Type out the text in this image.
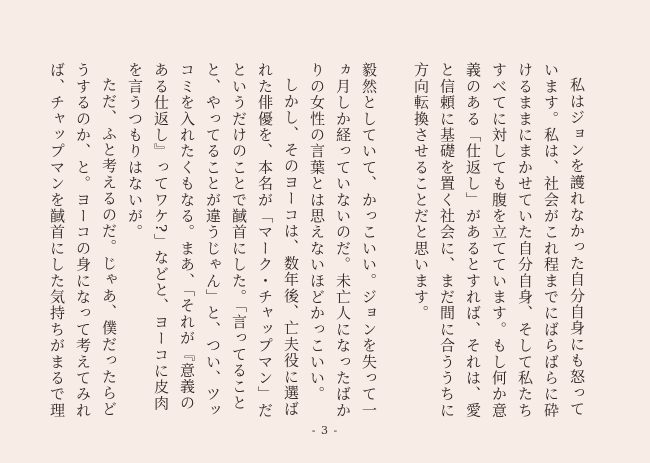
私はジョンを護れなかった自分自身にも怒っています。私は、社会がこれ程までにばらばらに砕けるままにまかせていた自分自身、そして私たちすべてに対しても腹を立てています。もし何か意義のある「仕返し」があるとすれば、それは、愛と信頼に基礎を置く社会に、まだ間に合ううちに方向転換させることだと思います。

毅然としていて、かっこいい。ジョンを失って一ヵ月しか経っていないのだ。未亡人になったばかりの女性の言葉とは思えないほどかっこいい。

しかし、そのヨーコは、数年後、亡夫役に選ばれた俳優を、本名が「マーク・チャップマン」だというだけのことで馘首にした。「言ってることと、やってることが違うじゃん」と、つい、ツッコミを入れたくもなる。まあ、「それが『意義のある仕返し』ってワケ?」などと、ヨーコに皮肉を言うつもりはないが。

ただ、ふと考えるのだ。じゃあ、僕だったらどうするのか、と。ヨーコの身になって考えてみれば、チャップマンを馘首にした気持ちがまるで理

- 3 -
